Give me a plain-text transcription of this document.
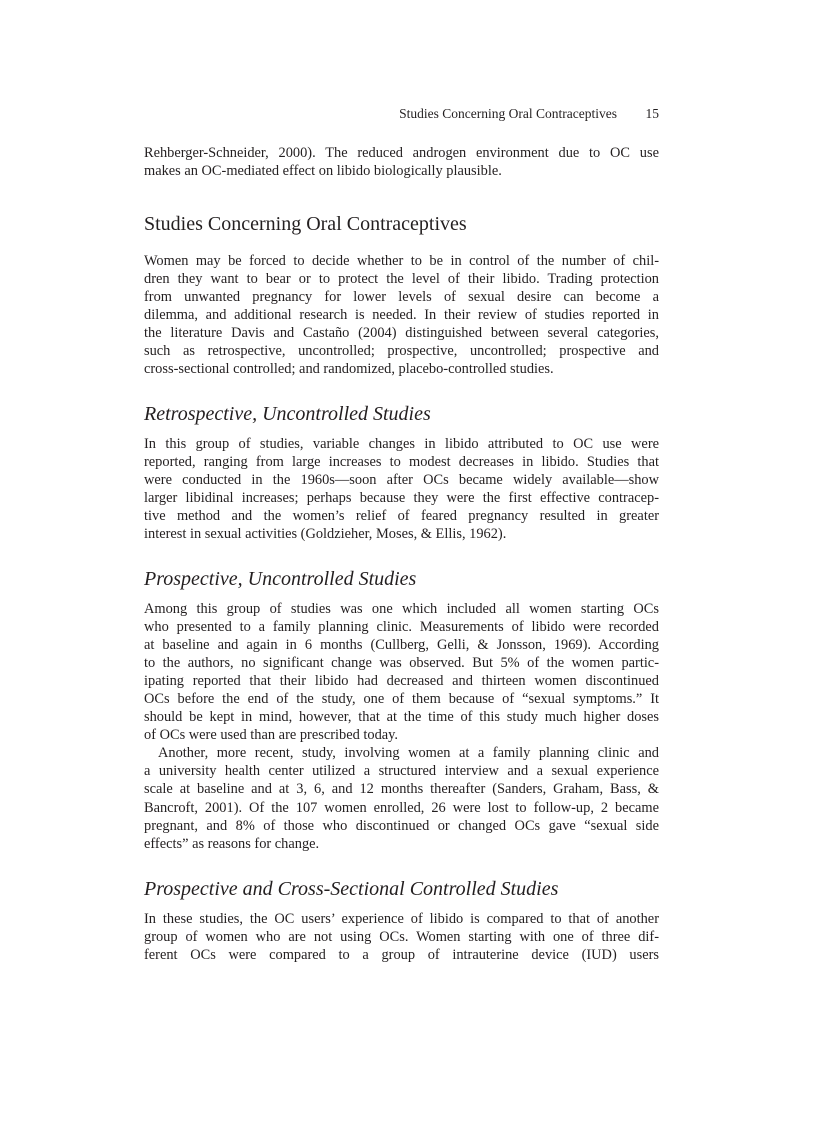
Studies Concerning Oral Contraceptives 15
Rehberger-Schneider, 2000). The reduced androgen environment due to OC use
makes an OC-mediated effect on libido biologically plausible.
Studies Concerning Oral Contraceptives
Women may be forced to decide whether to be in control of the number of chil-
dren they want to bear or to protect the level of their libido. Trading protection
from unwanted pregnancy for lower levels of sexual desire can become a
dilemma, and additional research is needed. In their review of studies reported in
the literature Davis and Castaño (2004) distinguished between several categories,
such as retrospective, uncontrolled; prospective, uncontrolled; prospective and
cross-sectional controlled; and randomized, placebo-controlled studies.
Retrospective, Uncontrolled Studies
In this group of studies, variable changes in libido attributed to OC use were
reported, ranging from large increases to modest decreases in libido. Studies that
were conducted in the 1960s—soon after OCs became widely available—show
larger libidinal increases; perhaps because they were the first effective contracep-
tive method and the women’s relief of feared pregnancy resulted in greater
interest in sexual activities (Goldzieher, Moses, & Ellis, 1962).
Prospective, Uncontrolled Studies
Among this group of studies was one which included all women starting OCs
who presented to a family planning clinic. Measurements of libido were recorded
at baseline and again in 6 months (Cullberg, Gelli, & Jonsson, 1969). According
to the authors, no significant change was observed. But 5% of the women partic-
ipating reported that their libido had decreased and thirteen women discontinued
OCs before the end of the study, one of them because of “sexual symptoms.” It
should be kept in mind, however, that at the time of this study much higher doses
of OCs were used than are prescribed today.
Another, more recent, study, involving women at a family planning clinic and
a university health center utilized a structured interview and a sexual experience
scale at baseline and at 3, 6, and 12 months thereafter (Sanders, Graham, Bass, &
Bancroft, 2001). Of the 107 women enrolled, 26 were lost to follow-up, 2 became
pregnant, and 8% of those who discontinued or changed OCs gave “sexual side
effects” as reasons for change.
Prospective and Cross-Sectional Controlled Studies
In these studies, the OC users’ experience of libido is compared to that of another
group of women who are not using OCs. Women starting with one of three dif-
ferent OCs were compared to a group of intrauterine device (IUD) users
